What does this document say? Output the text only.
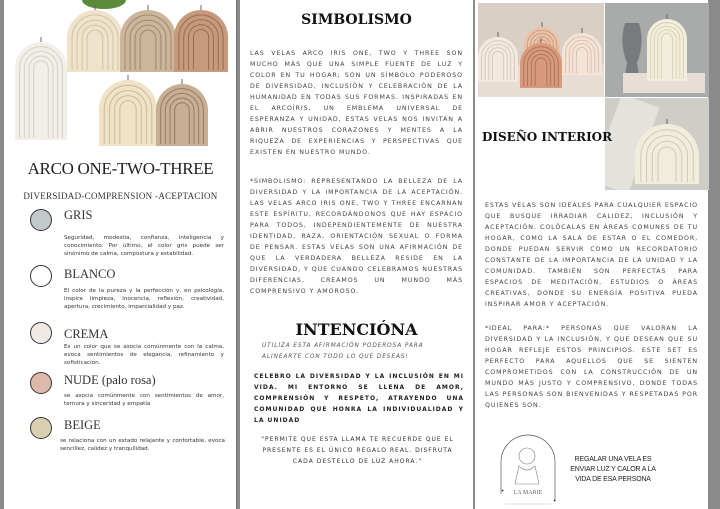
ARCO ONE-TWO-THREE
DIVERSIDAD-COMPRENSION -ACEPTACION
GRIS
Seguridad, modestia, confianza, inteligencia y conocimiento. Por último, el color gris puede ser sinónimo de calma, compostura y estabilidad.
BLANCO
El color de la pureza y la perfección y, en psicología, inspira limpieza, inocencia, reflexión, creatividad, apertura, crecimiento, imparcialidad y paz.
CREMA
Es un color que se asocia comúnmente con la calma, evoca sentimientos de elegancia, refinamiento y sofisticación.
NUDE (palo rosa)
se asocia comúnmente con sentimientos de amor, ternura y sinceridad y empatía
BEIGE
se relaciona con un estado relajante y confortable, evoca sencillez, calidez y tranquilidad.
SIMBOLISMO
LAS VELAS ARCO IRIS ONE, TWO Y THREE SON MUCHO MÁS QUE UNA SIMPLE FUENTE DE LUZ Y COLOR EN TU HOGAR; SON UN SÍMBOLO PODEROSO DE DIVERSIDAD, INCLUSIÓN Y CELEBRACIÓN DE LA HUMANIDAD EN TODAS SUS FORMAS. INSPIRADAS EN EL ARCOÍRIS, UN EMBLEMA UNIVERSAL DE ESPERANZA Y UNIDAD, ESTAS VELAS NOS INVITAN A ABRIR NUESTROS CORAZONES Y MENTES A LA RIQUEZA DE EXPERIENCIAS Y PERSPECTIVAS QUE EXISTEN EN NUESTRO MUNDO.
*SIMBOLISMO: REPRESENTANDO LA BELLEZA DE LA DIVERSIDAD Y LA IMPORTANCIA DE LA ACEPTACIÓN. LAS VELAS ARCO IRIS ONE, TWO Y THREE ENCARNAN ESTE ESPÍRITU, RECORDÁNDONOS QUE HAY ESPACIO PARA TODOS, INDEPENDIENTEMENTE DE NUESTRA IDENTIDAD, RAZA, ORIENTACIÓN SEXUAL O FORMA DE PENSAR. ESTAS VELAS SON UNA AFIRMACIÓN DE QUE LA VERDADERA BELLEZA RESIDE EN LA DIVERSIDAD, Y QUE CUANDO CELEBRAMOS NUESTRAS DIFERENCIAS, CREAMOS UN MUNDO MÁS COMPRENSIVO Y AMOROSO.
INTENCIÓNA
UTILIZA ESTA AFIRMACIÓN PODEROSA PARA ALINEARTE CON TODO LO QUE DESEAS!
CELEBRO LA DIVERSIDAD Y LA INCLUSIÓN EN MI VIDA. MI ENTORNO SE LLENA DE AMOR, COMPRENSIÓN Y RESPETO, ATRAYENDO UNA COMUNIDAD QUE HONRA LA INDIVIDUALIDAD Y LA UNIDAD
"PERMITE QUE ESTA LLAMA TE RECUERDE QUE EL PRESENTE ES EL ÚNICO REGALO REAL. DISFRUTA CADA DESTELLO DE LUZ AHORA."
DISEÑO INTERIOR
ESTAS VELAS SON IDEALES PARA CUALQUIER ESPACIO QUE BUSQUE IRRADIAR CALIDEZ, INCLUSIÓN Y ACEPTACIÓN. COLÓCALAS EN ÁREAS COMUNES DE TU HOGAR, COMO LA SALA DE ESTAR O EL COMEDOR, DONDE PUEDAN SERVIR COMO UN RECORDATORIO CONSTANTE DE LA IMPORTANCIA DE LA UNIDAD Y LA COMUNIDAD. TAMBIÉN SON PERFECTAS PARA ESPACIOS DE MEDITACIÓN, ESTUDIOS O ÁREAS CREATIVAS, DONDE SU ENERGÍA POSITIVA PUEDA INSPIRAR AMOR Y ACEPTACIÓN.
*IDEAL PARA:* PERSONAS QUE VALORAN LA DIVERSIDAD Y LA INCLUSIÓN, Y QUE DESEAN QUE SU HOGAR REFLEJE ESTOS PRINCIPIOS. ESTE SET ES PERFECTO PARA AQUELLOS QUE SE SIENTEN COMPROMETIDOS CON LA CONSTRUCCIÓN DE UN MUNDO MÁS JUSTO Y COMPRENSIVO, DONDE TODAS LAS PERSONAS SON BIENVENIDAS Y RESPETADAS POR QUIENES SON.
✦
✦
LA MARIE
REGALAR UNA VELA ES ENVIAR LUZ Y CALOR A LA VIDA DE ESA PERSONA
